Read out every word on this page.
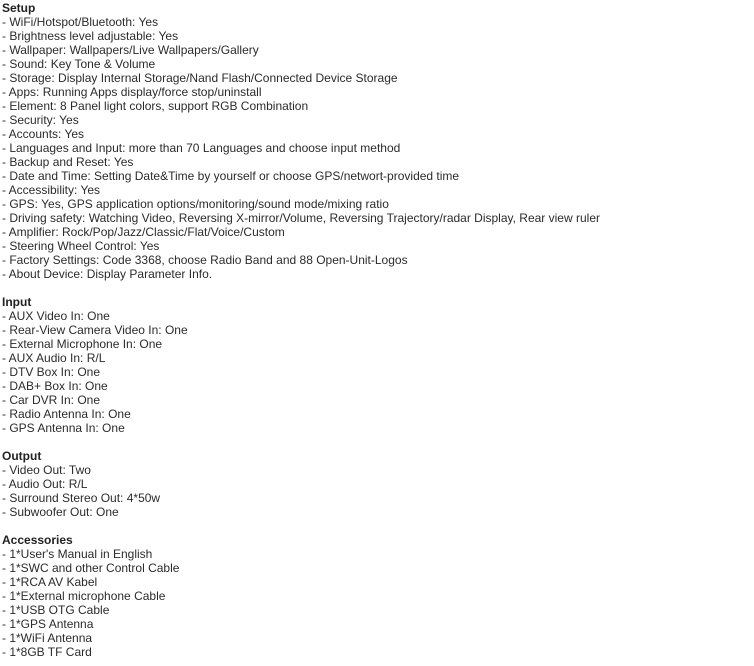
Setup
- WiFi/Hotspot/Bluetooth: Yes
- Brightness level adjustable: Yes
- Wallpaper: Wallpapers/Live Wallpapers/Gallery
- Sound: Key Tone & Volume
- Storage: Display Internal Storage/Nand Flash/Connected Device Storage
- Apps: Running Apps display/force stop/uninstall
- Element: 8 Panel light colors, support RGB Combination
- Security: Yes
- Accounts: Yes
- Languages and Input: more than 70 Languages and choose input method
- Backup and Reset: Yes
- Date and Time: Setting Date&Time by yourself or choose GPS/networt-provided time
- Accessibility: Yes
- GPS: Yes, GPS application options/monitoring/sound mode/mixing ratio
- Driving safety: Watching Video, Reversing X-mirror/Volume, Reversing Trajectory/radar Display, Rear view ruler
- Amplifier: Rock/Pop/Jazz/Classic/Flat/Voice/Custom
- Steering Wheel Control: Yes
- Factory Settings: Code 3368, choose Radio Band and 88 Open-Unit-Logos
- About Device: Display Parameter Info.
Input
- AUX Video In: One
- Rear-View Camera Video In: One
- External Microphone In: One
- AUX Audio In: R/L
- DTV Box In: One
- DAB+ Box In: One
- Car DVR In: One
- Radio Antenna In: One
- GPS Antenna In: One
Output
- Video Out: Two
- Audio Out: R/L
- Surround Stereo Out: 4*50w
- Subwoofer Out: One
Accessories
- 1*User's Manual in English
- 1*SWC and other Control Cable
- 1*RCA AV Kabel
- 1*External microphone Cable
- 1*USB OTG Cable
- 1*GPS Antenna
- 1*WiFi Antenna
- 1*8GB TF Card
